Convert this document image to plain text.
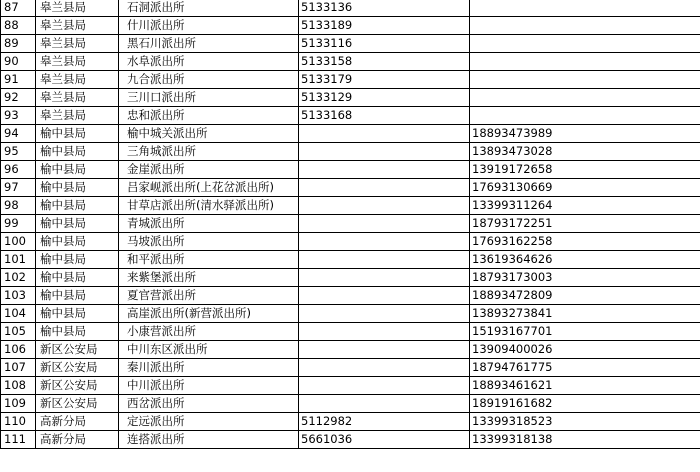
87	皋兰县局	石洞派出所	5133136	
88	皋兰县局	什川派出所	5133189	
89	皋兰县局	黑石川派出所	5133116	
90	皋兰县局	水阜派出所	5133158	
91	皋兰县局	九合派出所	5133179	
92	皋兰县局	三川口派出所	5133129	
93	皋兰县局	忠和派出所	5133168	
94	榆中县局	榆中城关派出所		18893473989
95	榆中县局	三角城派出所		13893473028
96	榆中县局	金崖派出所		13919172658
97	榆中县局	吕家岘派出所(上花岔派出所)		17693130669
98	榆中县局	甘草店派出所(清水驿派出所)		13399311264
99	榆中县局	青城派出所		18793172251
100	榆中县局	马坡派出所		17693162258
101	榆中县局	和平派出所		13619364626
102	榆中县局	来紫堡派出所		18793173003
103	榆中县局	夏官营派出所		18893472809
104	榆中县局	高崖派出所(新营派出所)		13893273841
105	榆中县局	小康营派出所		15193167701
106	新区公安局	中川东区派出所		13909400026
107	新区公安局	秦川派出所		18794761775
108	新区公安局	中川派出所		18893461621
109	新区公安局	西岔派出所		18919161682
110	高新分局	定远派出所	5112982	13399318523
111	高新分局	连搭派出所	5661036	13399318138
